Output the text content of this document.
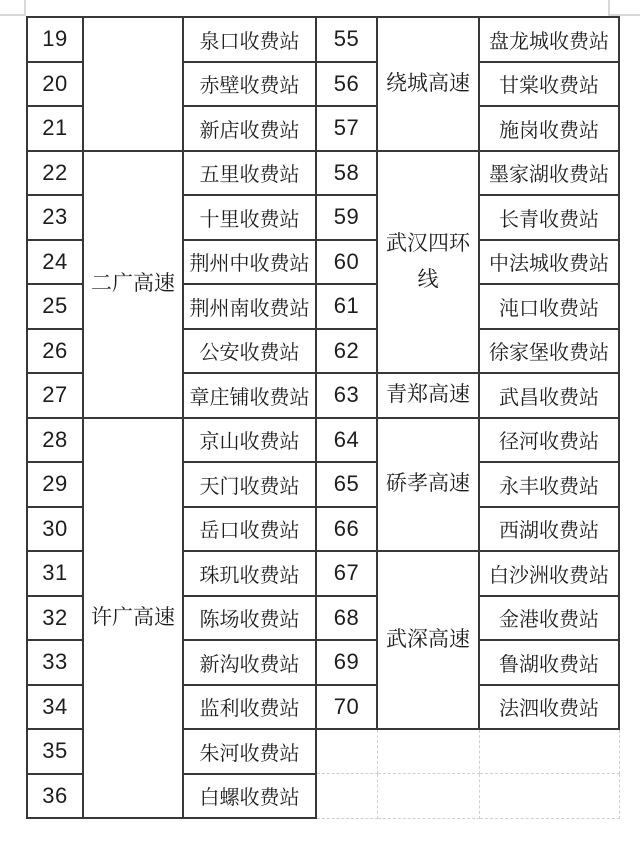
19		泉口收费站	55	绕城高速	盘龙城收费站
20		赤壁收费站	56		甘棠收费站
21		新店收费站	57		施岗收费站
22	二广高速	五里收费站	58	武汉四环线	墨家湖收费站
23		十里收费站	59		长青收费站
24		荆州中收费站	60		中法城收费站
25		荆州南收费站	61		沌口收费站
26		公安收费站	62		徐家堡收费站
27		章庄铺收费站	63	青郑高速	武昌收费站
28	许广高速	京山收费站	64	硚孝高速	径河收费站
29		天门收费站	65		永丰收费站
30		岳口收费站	66		西湖收费站
31		珠玑收费站	67	武深高速	白沙洲收费站
32		陈场收费站	68		金港收费站
33		新沟收费站	69		鲁湖收费站
34		监利收费站	70		法泗收费站
35		朱河收费站			
36		白螺收费站			
